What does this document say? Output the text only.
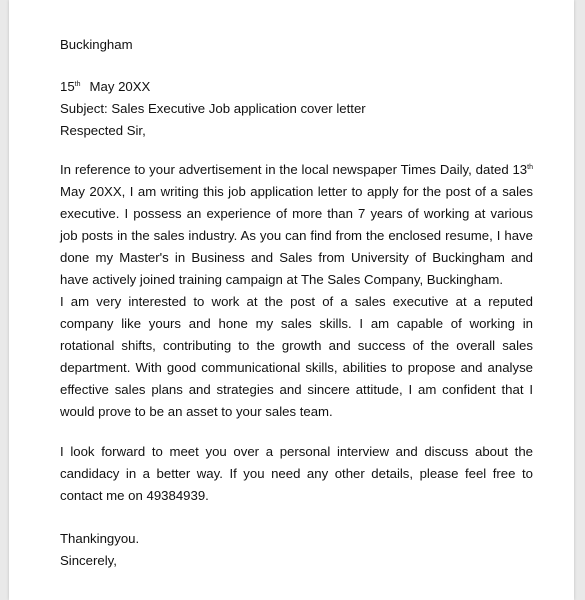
Buckingham

15th May 20XX

Subject: Sales Executive Job application cover letter

Respected Sir,

In reference to your advertisement in the local newspaper Times Daily, dated 13th May 20XX, I am writing this job application letter to apply for the post of a sales executive. I possess an experience of more than 7 years of working at various job posts in the sales industry. As you can find from the enclosed resume, I have done my Master's in Business and Sales from University of Buckingham and have actively joined training campaign at The Sales Company, Buckingham.

I am very interested to work at the post of a sales executive at a reputed company like yours and hone my sales skills. I am capable of working in rotational shifts, contributing to the growth and success of the overall sales department. With good communicational skills, abilities to propose and analyse effective sales plans and strategies and sincere attitude, I am confident that I would prove to be an asset to your sales team.

I look forward to meet you over a personal interview and discuss about the candidacy in a better way. If you need any other details, please feel free to contact me on 49384939.

Thankingyou.

Sincerely,
